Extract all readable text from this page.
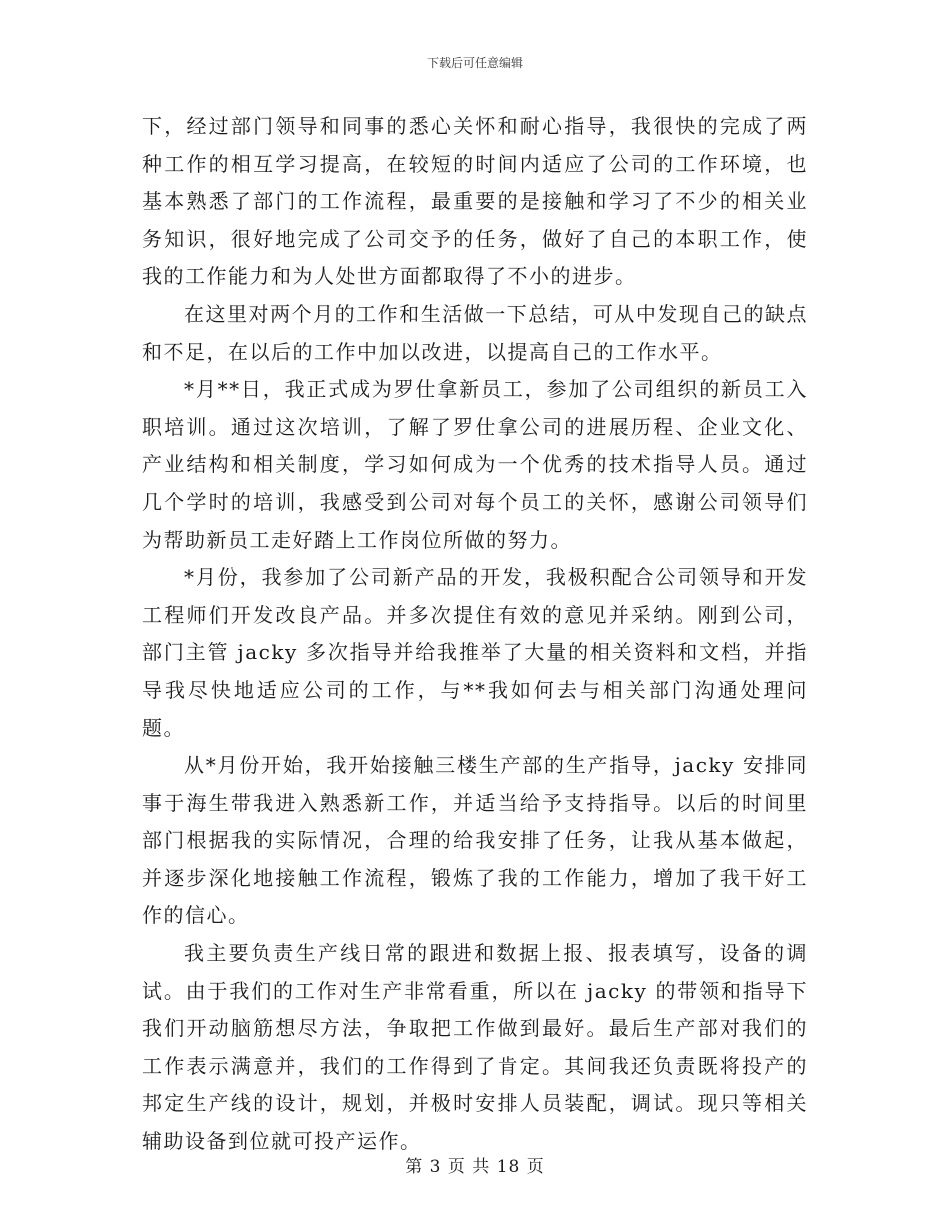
下载后可任意编辑

下，经过部门领导和同事的悉心关怀和耐心指导，我很快的完成了两种工作的相互学习提高，在较短的时间内适应了公司的工作环境，也基本熟悉了部门的工作流程，最重要的是接触和学习了不少的相关业务知识，很好地完成了公司交予的任务，做好了自己的本职工作，使我的工作能力和为人处世方面都取得了不小的进步。

在这里对两个月的工作和生活做一下总结，可从中发现自己的缺点和不足，在以后的工作中加以改进，以提高自己的工作水平。

*月**日，我正式成为罗仕拿新员工，参加了公司组织的新员工入职培训。通过这次培训，了解了罗仕拿公司的进展历程、企业文化、产业结构和相关制度，学习如何成为一个优秀的技术指导人员。通过几个学时的培训，我感受到公司对每个员工的关怀，感谢公司领导们为帮助新员工走好踏上工作岗位所做的努力。

*月份，我参加了公司新产品的开发，我极积配合公司领导和开发工程师们开发改良产品。并多次提住有效的意见并采纳。刚到公司，部门主管 jacky 多次指导并给我推举了大量的相关资料和文档，并指导我尽快地适应公司的工作，与**我如何去与相关部门沟通处理问题。

从*月份开始，我开始接触三楼生产部的生产指导，jacky 安排同事于海生带我进入熟悉新工作，并适当给予支持指导。以后的时间里部门根据我的实际情况，合理的给我安排了任务，让我从基本做起，并逐步深化地接触工作流程，锻炼了我的工作能力，增加了我干好工作的信心。

我主要负责生产线日常的跟进和数据上报、报表填写，设备的调试。由于我们的工作对生产非常看重，所以在 jacky 的带领和指导下我们开动脑筋想尽方法，争取把工作做到最好。最后生产部对我们的工作表示满意并，我们的工作得到了肯定。其间我还负责既将投产的邦定生产线的设计，规划，并极时安排人员装配，调试。现只等相关辅助设备到位就可投产运作。

第 3 页 共 18 页
